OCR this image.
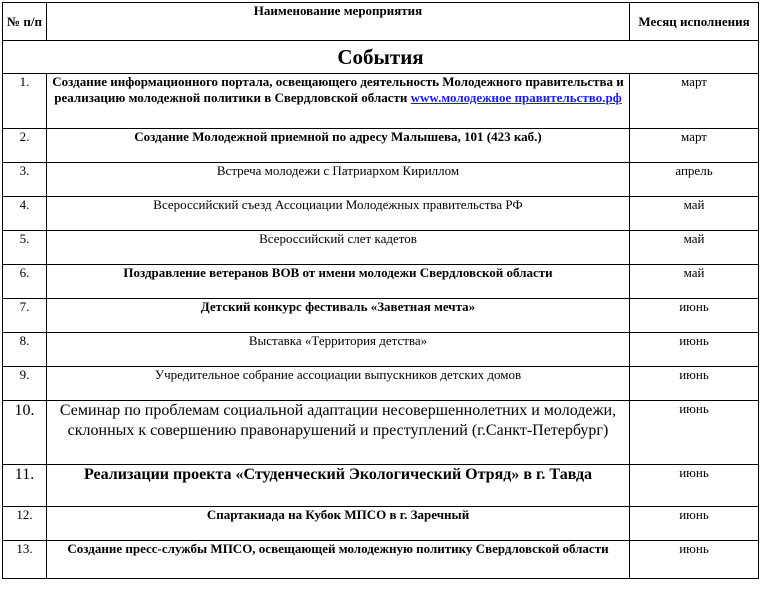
№ п/п	Наименование мероприятия	Месяц исполнения
События		
1.	Создание информационного портала, освещающего деятельность Молодежного правительства и реализацию молодежной политики в Свердловской области www.молодежное правительство.рф	март
2.	Создание Молодежной приемной по адресу Малышева, 101 (423 каб.)	март
3.	Встреча молодежи с Патриархом Кириллом	апрель
4.	Всероссийский съезд Ассоциации Молодежных правительства РФ	май
5.	Всероссийский слет кадетов	май
6.	Поздравление ветеранов ВОВ от имени молодежи Свердловской области	май
7.	Детский конкурс фестиваль «Заветная мечта»	июнь
8.	Выставка «Территория детства»	июнь
9.	Учредительное собрание ассоциации выпускников детских домов	июнь
10.	Семинар по проблемам социальной адаптации несовершеннолетних и молодежи, склонных к совершению правонарушений и преступлений (г.Санкт-Петербург)	июнь
11.	Реализации проекта «Студенческий Экологический Отряд» в г. Тавда	июнь
12.	Спартакиада на Кубок МПСО в г. Заречный	июнь
13.	Создание пресс-службы МПСО, освещающей молодежную политику Свердловской области	июнь
